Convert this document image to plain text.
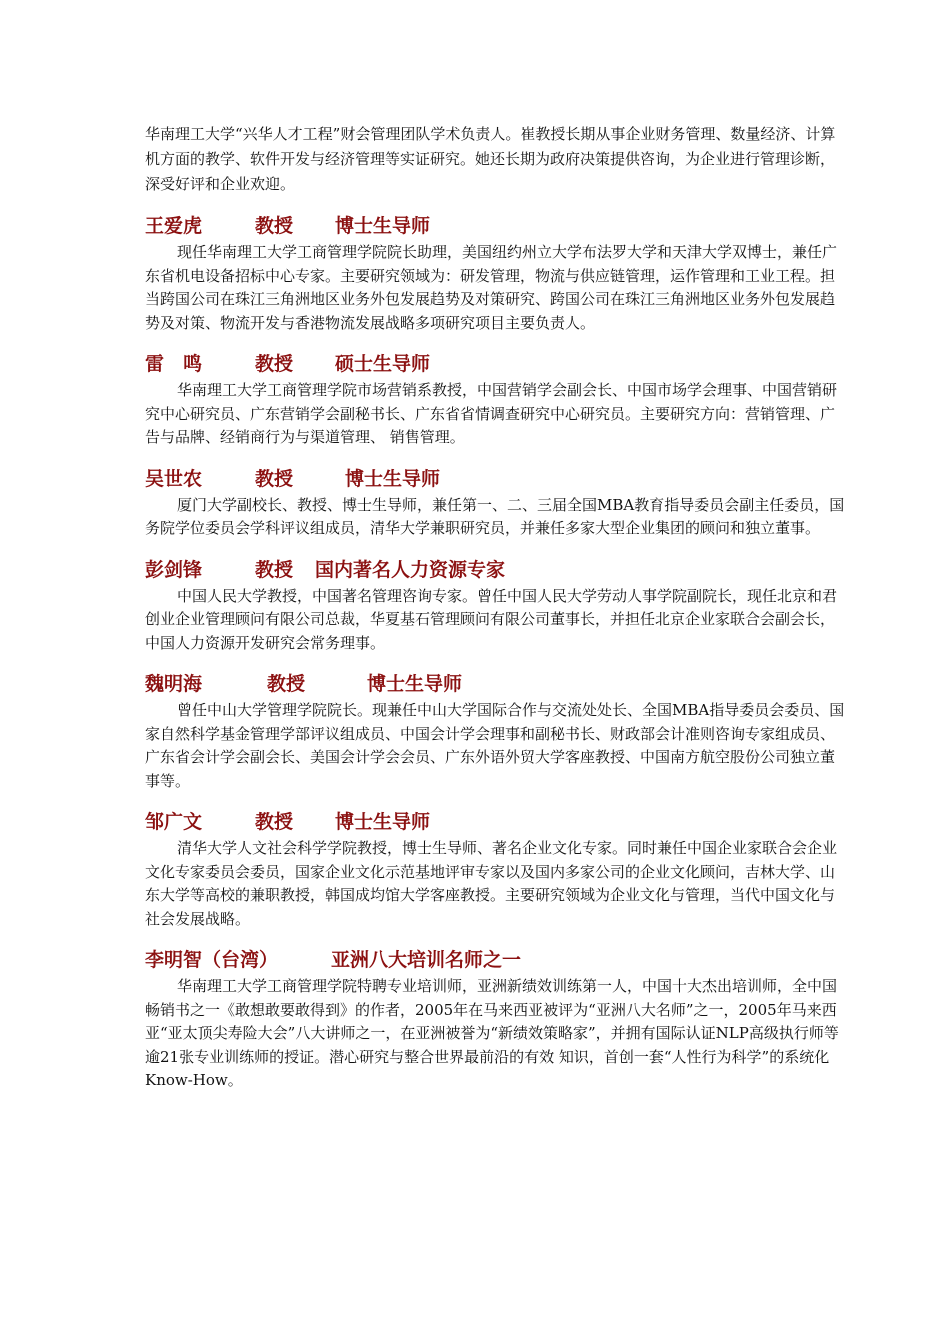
华南理工大学“兴华人才工程”财会管理团队学术负责人。崔教授长期从事企业财务管理、数量经济、计算机方面的教学、软件开发与经济管理等实证研究。她还长期为政府决策提供咨询，为企业进行管理诊断，深受好评和企业欢迎。

王爱虎	教授 博士生导师

现任华南理工大学工商管理学院院长助理，美国纽约州立大学布法罗大学和天津大学双博士，兼任广东省机电设备招标中心专家。主要研究领域为：研发管理，物流与供应链管理，运作管理和工业工程。担当跨国公司在珠江三角洲地区业务外包发展趋势及对策研究、跨国公司在珠江三角洲地区业务外包发展趋势及对策、物流开发与香港物流发展战略多项研究项目主要负责人。

雷　鸣	教授 硕士生导师

华南理工大学工商管理学院市场营销系教授，中国营销学会副会长、中国市场学会理事、中国营销研究中心研究员、广东营销学会副秘书长、广东省省情调查研究中心研究员。主要研究方向：营销管理、广告与品牌、经销商行为与渠道管理、 销售管理。

吴世农	教授	博士生导师

厦门大学副校长、教授、博士生导师，兼任第一、二、三届全国MBA教育指导委员会副主任委员，国务院学位委员会学科评议组成员，清华大学兼职研究员，并兼任多家大型企业集团的顾问和独立董事。

彭剑锋	教授 国内著名人力资源专家

中国人民大学教授，中国著名管理咨询专家。曾任中国人民大学劳动人事学院副院长，现任北京和君创业企业管理顾问有限公司总裁，华夏基石管理顾问有限公司董事长，并担任北京企业家联合会副会长，中国人力资源开发研究会常务理事。

魏明海	教授	博士生导师

曾任中山大学管理学院院长。现兼任中山大学国际合作与交流处处长、全国MBA指导委员会委员、国家自然科学基金管理学部评议组成员、中国会计学会理事和副秘书长、财政部会计准则咨询专家组成员、广东省会计学会副会长、美国会计学会会员、广东外语外贸大学客座教授、中国南方航空股份公司独立董事等。

邹广文	教授 博士生导师

清华大学人文社会科学学院教授，博士生导师、著名企业文化专家。同时兼任中国企业家联合会企业文化专家委员会委员，国家企业文化示范基地评审专家以及国内多家公司的企业文化顾问，吉林大学、山东大学等高校的兼职教授，韩国成均馆大学客座教授。主要研究领域为企业文化与管理，当代中国文化与社会发展战略。

李明智（台湾）	亚洲八大培训名师之一

华南理工大学工商管理学院特聘专业培训师，亚洲新绩效训练第一人，中国十大杰出培训师，全中国畅销书之一《敢想敢要敢得到》的作者，2005年在马来西亚被评为“亚洲八大名师”之一，2005年马来西亚“亚太顶尖寿险大会”八大讲师之一，在亚洲被誉为“新绩效策略家”，并拥有国际认证NLP高级执行师等逾21张专业训练师的授证。潜心研究与整合世界最前沿的有效 知识，首创一套“人性行为科学”的系统化Know-How。
